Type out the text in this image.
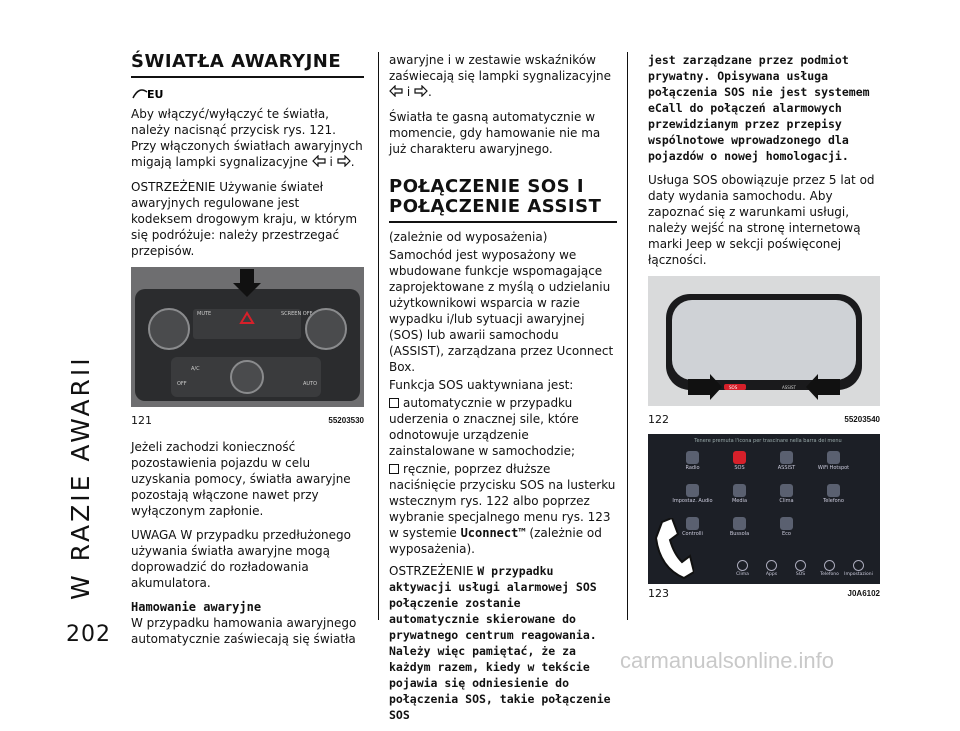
W RAZIE AWARII
202
ŚWIATŁA AWARYJNE
EU

Aby włączyć/wyłączyć te światła, należy nacisnąć przycisk rys. 121. Przy włączonych światłach awaryjnych migają lampki sygnalizacyjne i .

OSTRZEŻENIE Używanie świateł awaryjnych regulowane jest kodeksem drogowym kraju, w którym się podróżuje: należy przestrzegać przepisów.

MUTE	SCREEN OFF
A/C
OFF	AUTO
121	55203530

Jeżeli zachodzi konieczność pozostawienia pojazdu w celu uzyskania pomocy, światła awaryjne pozostają włączone nawet przy wyłączonym zapłonie.

UWAGA W przypadku przedłużonego używania światła awaryjne mogą doprowadzić do rozładowania akumulatora.

Hamowanie awaryjne

W przypadku hamowania awaryjnego automatycznie zaświecają się światła

awaryjne i w zestawie wskaźników zaświecają się lampki sygnalizacyjne  i .

Światła te gasną automatycznie w momencie, gdy hamowanie nie ma już charakteru awaryjnego.

POŁĄCZENIE SOS I
POŁĄCZENIE ASSIST

(zależnie od wyposażenia)

Samochód jest wyposażony we wbudowane funkcje wspomagające zaprojektowane z myślą o udzielaniu użytkownikowi wsparcia w razie wypadku i/lub sytuacji awaryjnej (SOS) lub awarii samochodu (ASSIST), zarządzana przez Uconnect Box.

Funkcja SOS uaktywniana jest:

automatycznie w przypadku uderzenia o znacznej sile, które odnotowuje urządzenie zainstalowane w samochodzie;

ręcznie, poprzez dłuższe naciśnięcie przycisku SOS na lusterku wstecznym rys. 122 albo poprzez wybranie specjalnego menu rys. 123 w systemie Uconnect™ (zależnie od wyposażenia).

OSTRZEŻENIE W przypadku aktywacji usługi alarmowej SOS połączenie zostanie automatycznie skierowane do prywatnego centrum reagowania. Należy więc pamiętać, że za każdym razem, kiedy w tekście pojawia się odniesienie do połączenia SOS, takie połączenie SOS

jest zarządzane przez podmiot prywatny. Opisywana usługa połączenia SOS nie jest systemem eCall do połączeń alarmowych przewidzianym przez przepisy wspólnotowe wprowadzonego dla pojazdów o nowej homologacji.

Usługa SOS obowiązuje przez 5 lat od daty wydania samochodu. Aby zapoznać się z warunkami usługi, należy wejść na stronę internetową marki Jeep w sekcji poświęconej łączności.

SOS	ASSIST
122	55203540
Tenere premuta l'icona per trascinare nella barra dei menu
Radio	SOS	ASSIST	WiFi Hotspot
Impostaz. Audio	Media	Clima	Telefono
Controlli	Bussola	Eco
Clima	Apps	SOS	Telefono	Impostazioni
123	J0A6102
carmanualsonline.info
